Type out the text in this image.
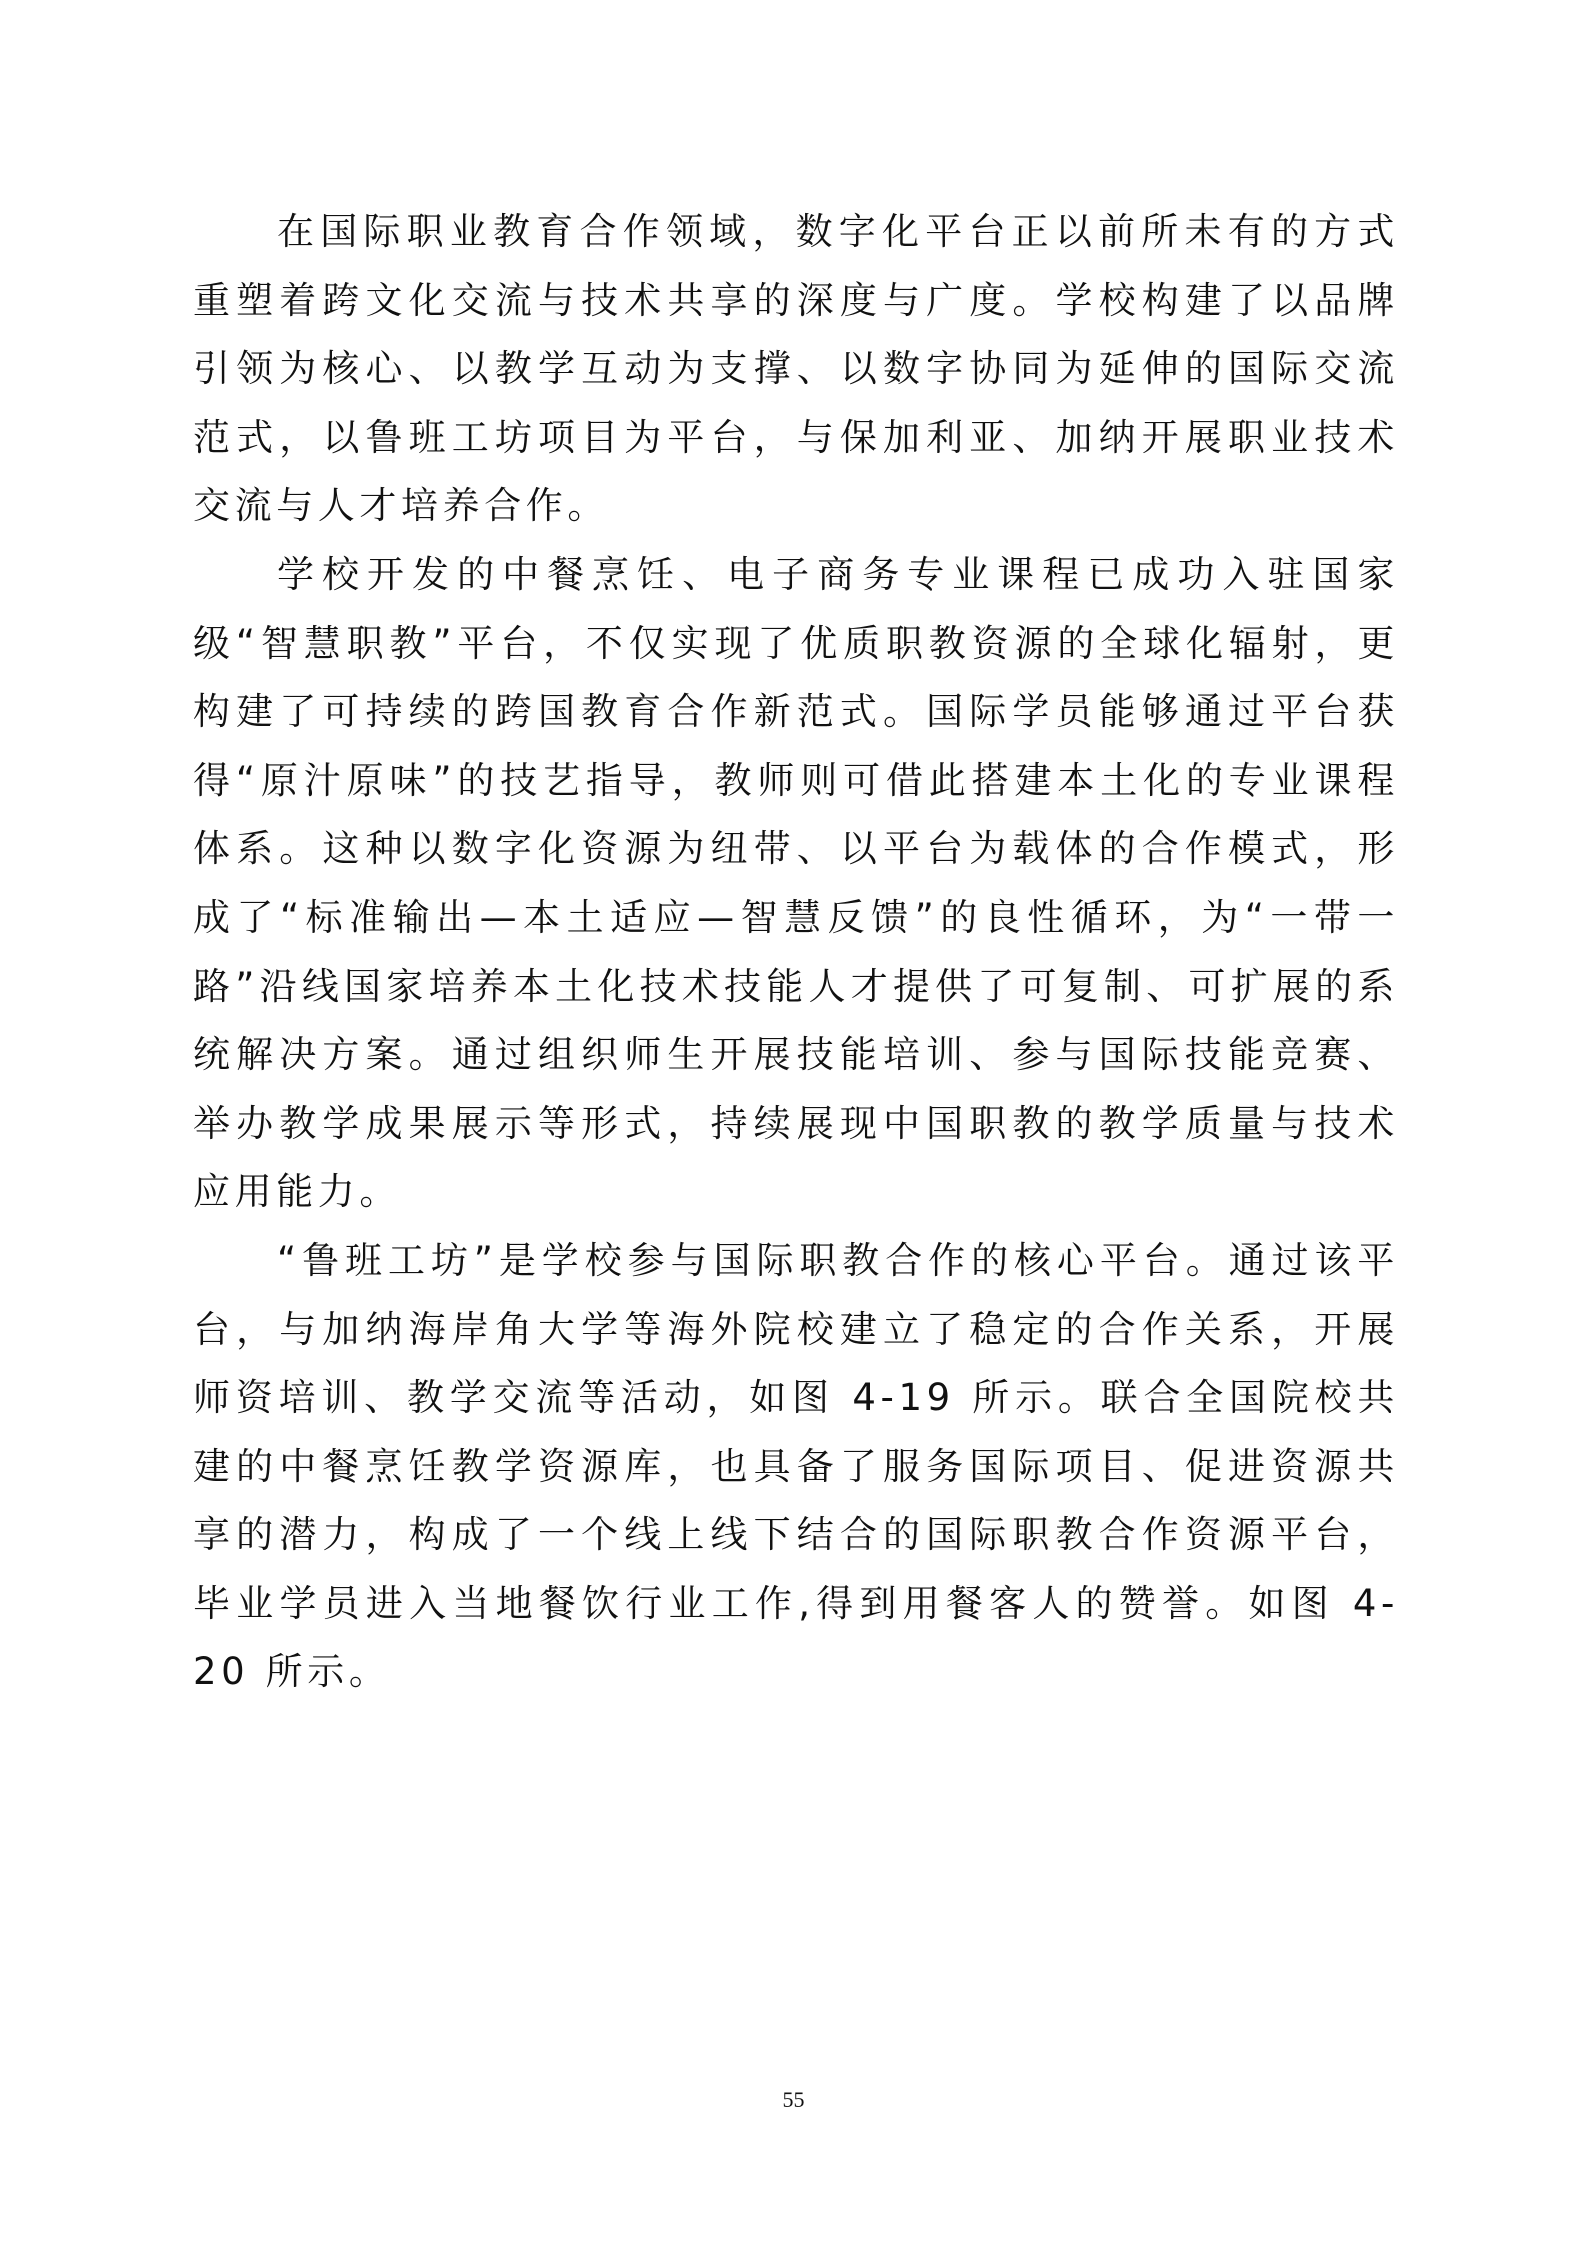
在国际职业教育合作领域，数字化平台正以前所未有的方式重塑着跨文化交流与技术共享的深度与广度。学校构建了以品牌引领为核心、以教学互动为支撑、以数字协同为延伸的国际交流范式，以鲁班工坊项目为平台，与保加利亚、加纳开展职业技术交流与人才培养合作。

学校开发的中餐烹饪、电子商务专业课程已成功入驻国家级“智慧职教”平台，不仅实现了优质职教资源的全球化辐射，更构建了可持续的跨国教育合作新范式。国际学员能够通过平台获得“原汁原味”的技艺指导，教师则可借此搭建本土化的专业课程体系。这种以数字化资源为纽带、以平台为载体的合作模式，形成了“标准输出—本土适应—智慧反馈”的良性循环，为“一带一路”沿线国家培养本土化技术技能人才提供了可复制、可扩展的系统解决方案。通过组织师生开展技能培训、参与国际技能竞赛、举办教学成果展示等形式，持续展现中国职教的教学质量与技术应用能力。

“鲁班工坊”是学校参与国际职教合作的核心平台。通过该平台，与加纳海岸角大学等海外院校建立了稳定的合作关系，开展师资培训、教学交流等活动，如图 4-19 所示。联合全国院校共建的中餐烹饪教学资源库，也具备了服务国际项目、促进资源共享的潜力，构成了一个线上线下结合的国际职教合作资源平台，毕业学员进入当地餐饮行业工作,得到用餐客人的赞誉。如图 4-20 所示。

55
